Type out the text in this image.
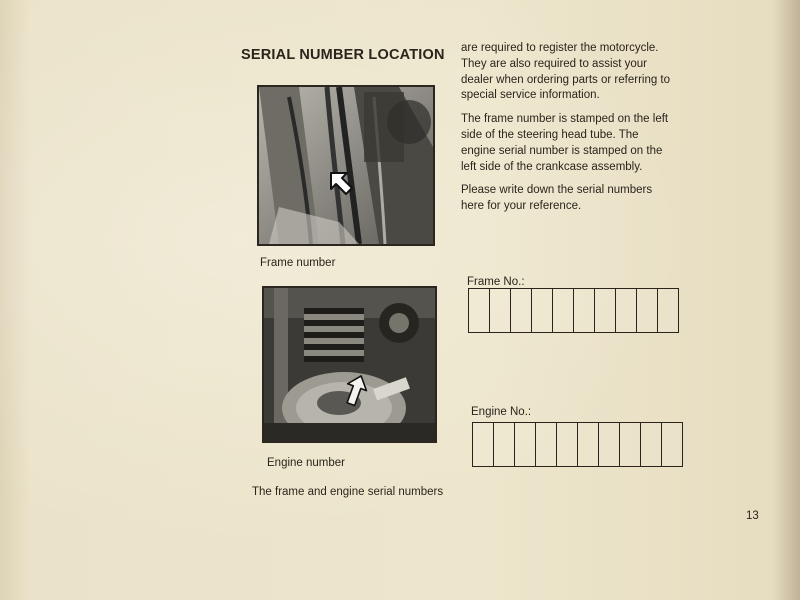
SERIAL NUMBER LOCATION
Frame number
Engine number
The frame and engine serial numbers

are required to register the motorcycle. They are also required to assist your dealer when ordering parts or referring to special service information.

The frame number is stamped on the left side of the steering head tube. The engine serial number is stamped on the left side of the crankcase assembly.

Please write down the serial numbers here for your reference.

Frame No.:
Engine No.:
13
